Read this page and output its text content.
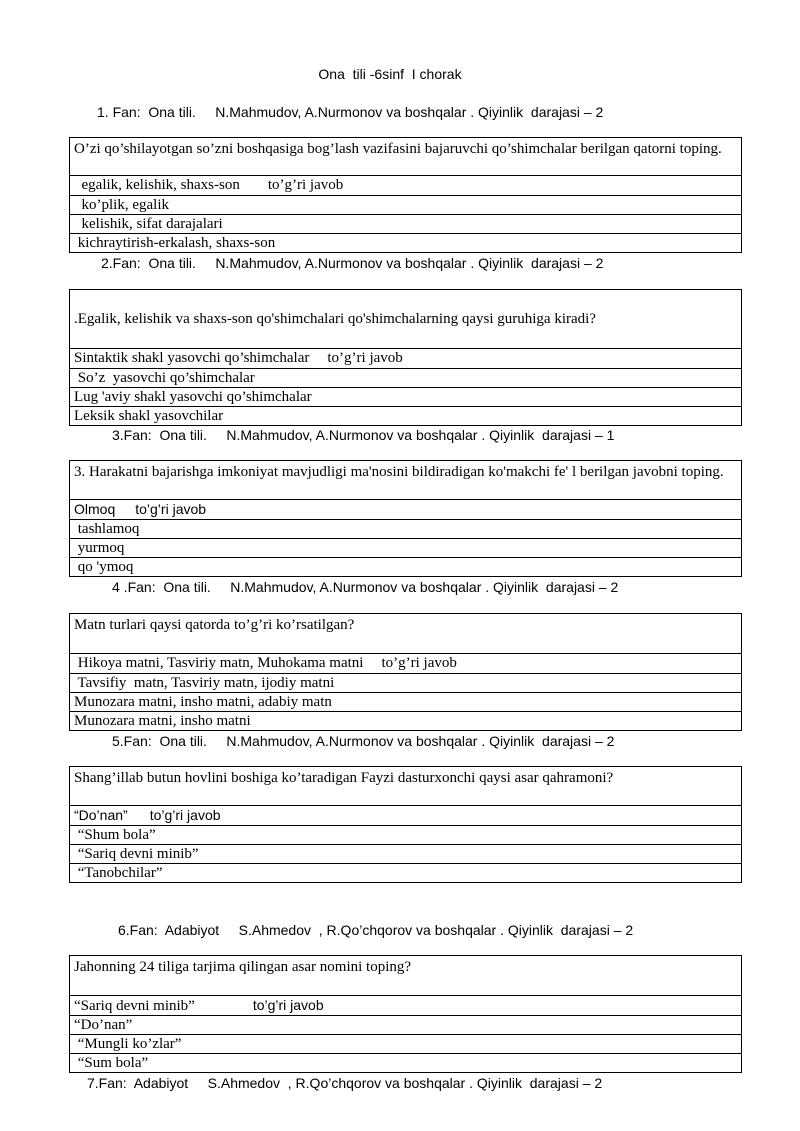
Ona  tili -6sinf  I chorak
1. Fan:  Ona tili.     N.Mahmudov, A.Nurmonov va boshqalar . Qiyinlik  darajasi – 2
O’zi qo’shilayotgan so’zni boshqasiga bog’lash vazifasini bajaruvchi qo’shimchalar berilgan qatorni toping.
egalik, kelishik, shaxs-son to’g’ri javob
ko’plik, egalik
kelishik, sifat darajalari
kichraytirish-erkalash, shaxs-son
2.Fan:  Ona tili.     N.Mahmudov, A.Nurmonov va boshqalar . Qiyinlik  darajasi – 2
.Egalik, kelishik va shaxs-son qo'shimchalari qo'shimchalarning qaysi guruhiga kiradi?
Sintaktik shakl yasovchi qo’shimchalar to’g’ri javob
So’z  yasovchi qo’shimchalar
Lug 'aviy shakl yasovchi qo’shimchalar
Leksik shakl yasovchilar
3.Fan:  Ona tili.     N.Mahmudov, A.Nurmonov va boshqalar . Qiyinlik  darajasi – 1
3. Harakatni bajarishga imkoniyat mavjudligi ma'nosini bildiradigan ko'makchi fe' l berilgan javobni toping.
Olmoq to’g’ri javob
tashlamoq
yurmoq
qo 'ymoq
4 .Fan:  Ona tili.     N.Mahmudov, A.Nurmonov va boshqalar . Qiyinlik  darajasi – 2
Matn turlari qaysi qatorda to’g’ri ko’rsatilgan?
Hikoya matni, Tasviriy matn, Muhokama matni to’g’ri javob
Tavsifiy  matn, Tasviriy matn, ijodiy matni
Munozara matni, insho matni, adabiy matn
Munozara matni, insho matni
5.Fan:  Ona tili.     N.Mahmudov, A.Nurmonov va boshqalar . Qiyinlik  darajasi – 2
Shang’illab butun hovlini boshiga ko’taradigan Fayzi dasturxonchi qaysi asar qahramoni?
“Do’nan” to’g’ri javob
“Shum bola”
“Sariq devni minib”
“Tanobchilar”
6.Fan:  Adabiyot     S.Ahmedov  , R.Qo’chqorov va boshqalar . Qiyinlik  darajasi – 2
Jahonning 24 tiliga tarjima qilingan asar nomini toping?
“Sariq devni minib”	to’g’ri javob
“Do’nan”
“Mungli ko’zlar”
“Sum bola”
7.Fan:  Adabiyot     S.Ahmedov  , R.Qo’chqorov va boshqalar . Qiyinlik  darajasi – 2
